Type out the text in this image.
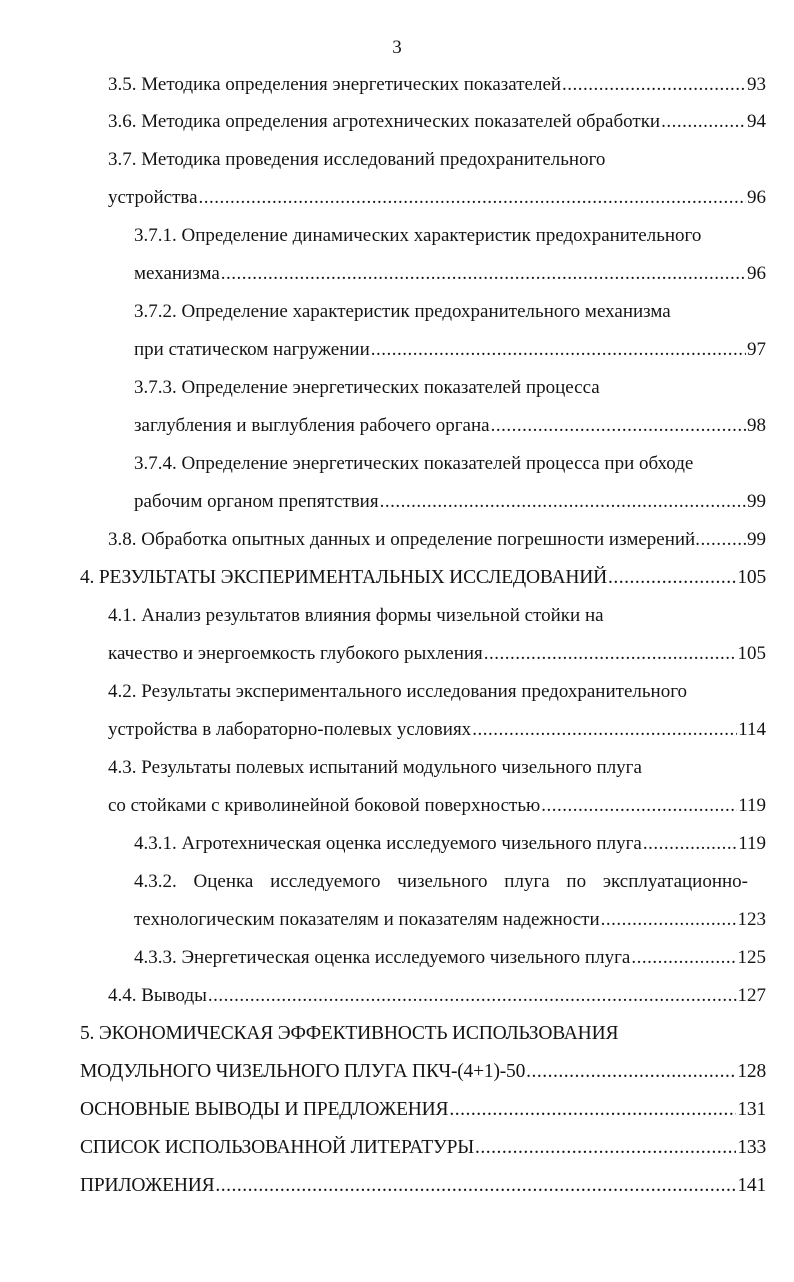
3
3.5. Методика определения энергетических показателей .....	93
3.6. Методика определения агротехнических показателей обработки .....	94
3.7. Методика проведения исследований предохранительного
устройства .....	96
3.7.1. Определение динамических характеристик предохранительного
механизма .....	96
3.7.2. Определение характеристик предохранительного механизма
при статическом нагружении .....	97
3.7.3. Определение энергетических показателей процесса
заглубления и выглубления рабочего органа .....	98
3.7.4. Определение энергетических показателей процесса при обходе
рабочим органом препятствия .....	99
3.8. Обработка опытных данных и определение погрешности измерений .....	99
4. РЕЗУЛЬТАТЫ ЭКСПЕРИМЕНТАЛЬНЫХ ИССЛЕДОВАНИЙ .....	105
4.1. Анализ результатов влияния формы чизельной стойки на
качество и энергоемкость глубокого рыхления .....	105
4.2. Результаты экспериментального исследования предохранительного
устройства в лабораторно-полевых условиях .....	114
4.3. Результаты полевых испытаний модульного чизельного плуга
со стойками с криволинейной боковой поверхностью .....	119
4.3.1. Агротехническая оценка исследуемого чизельного плуга .....	119
4.3.2. Оценка исследуемого чизельного плуга по эксплуатационно-
технологическим показателям и показателям надежности .....	123
4.3.3. Энергетическая оценка исследуемого чизельного плуга .....	125
4.4. Выводы .....	127
5. ЭКОНОМИЧЕСКАЯ ЭФФЕКТИВНОСТЬ ИСПОЛЬЗОВАНИЯ
МОДУЛЬНОГО ЧИЗЕЛЬНОГО ПЛУГА ПКЧ-(4+1)-50 .....	128
ОСНОВНЫЕ ВЫВОДЫ И ПРЕДЛОЖЕНИЯ .....	131
СПИСОК ИСПОЛЬЗОВАННОЙ ЛИТЕРАТУРЫ .....	133
ПРИЛОЖЕНИЯ .....	141
